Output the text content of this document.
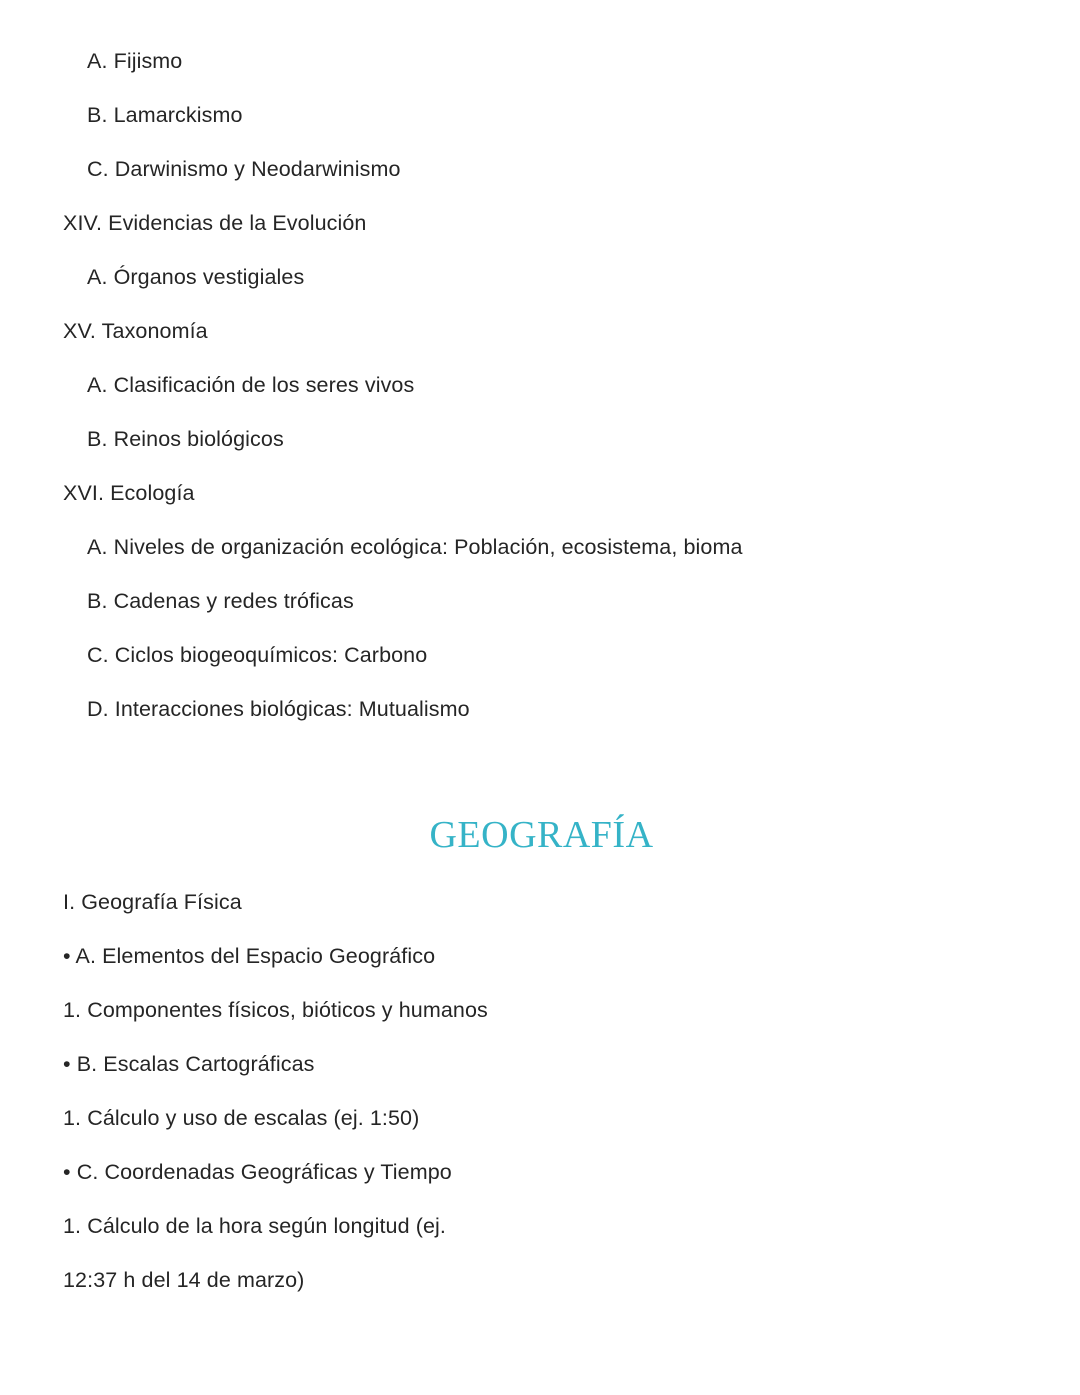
A. Fijismo
B. Lamarckismo
C. Darwinismo y Neodarwinismo
XIV. Evidencias de la Evolución
A. Órganos vestigiales
XV. Taxonomía
A. Clasificación de los seres vivos
B. Reinos biológicos
XVI. Ecología
A. Niveles de organización ecológica: Población, ecosistema, bioma
B. Cadenas y redes tróficas
C. Ciclos biogeoquímicos: Carbono
D. Interacciones biológicas: Mutualismo
GEOGRAFÍA
I. Geografía Física
• A. Elementos del Espacio Geográfico
1. Componentes físicos, bióticos y humanos
• B. Escalas Cartográficas
1. Cálculo y uso de escalas (ej. 1:50)
• C. Coordenadas Geográficas y Tiempo
1. Cálculo de la hora según longitud (ej.
12:37 h del 14 de marzo)
